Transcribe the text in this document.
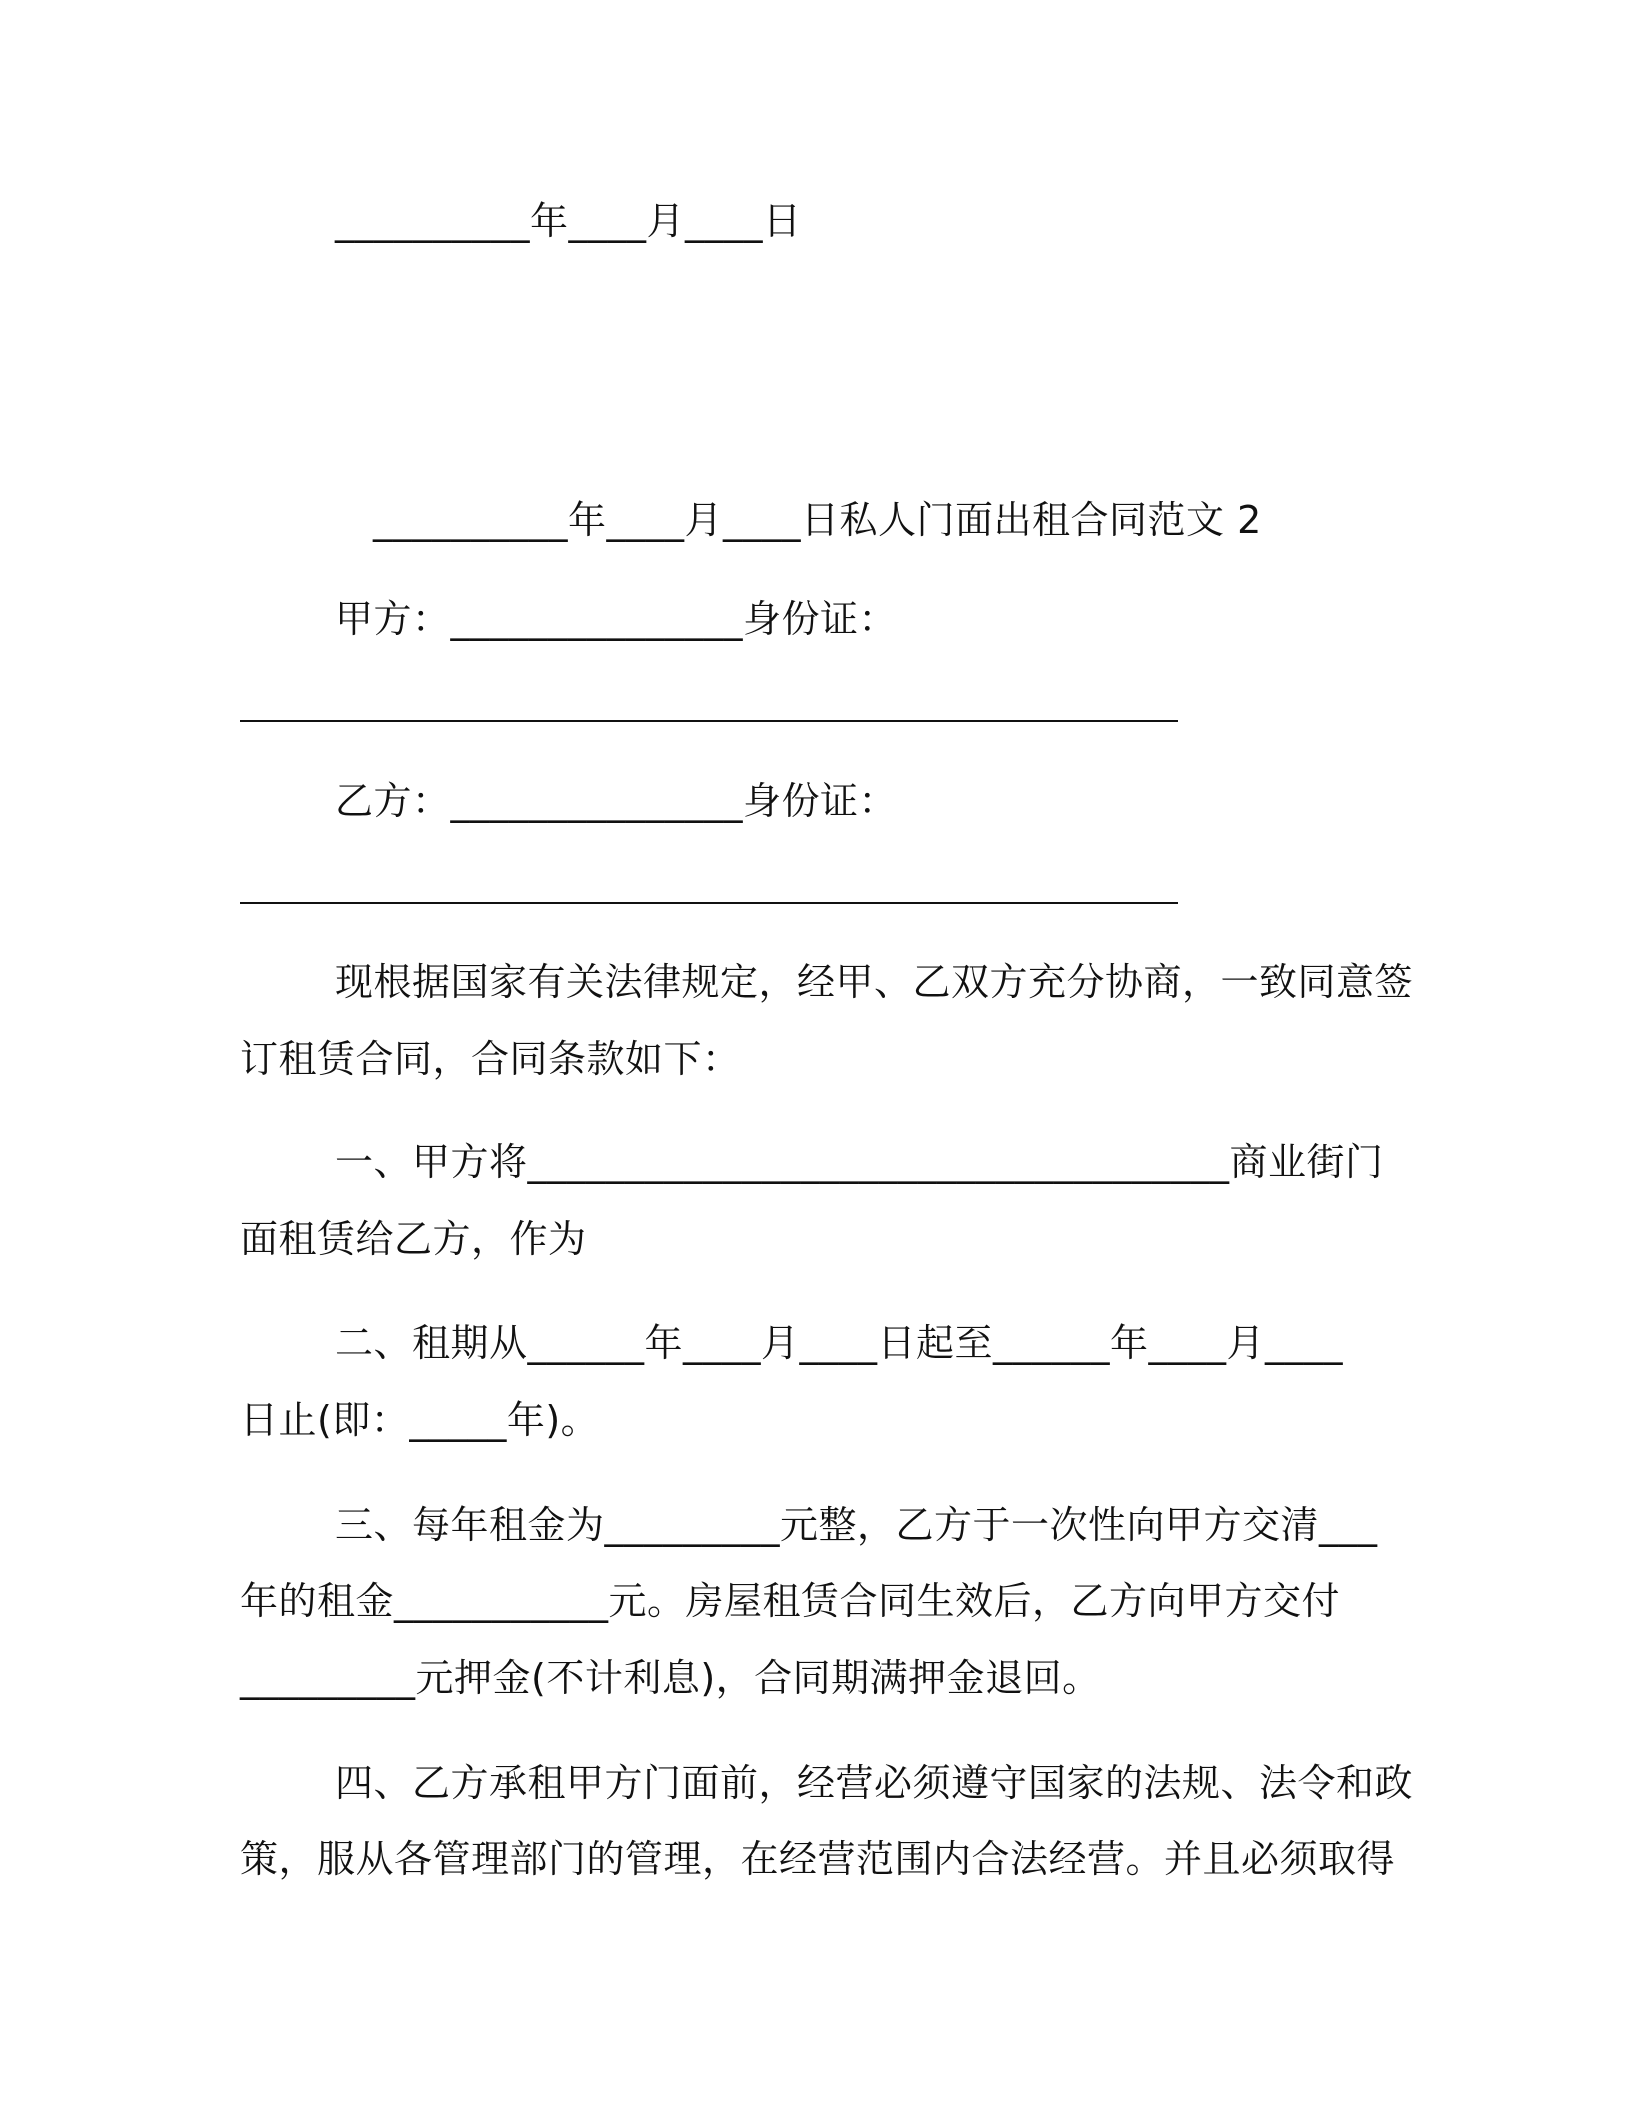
__________年____月____日
__________年____月____日私人门面出租合同范文 2
甲方：_______________身份证：
乙方：_______________身份证：
现根据国家有关法律规定，经甲、乙双方充分协商，一致同意签
订租赁合同，合同条款如下：
一、甲方将____________________________________商业街门
面租赁给乙方，作为
二、租期从______年____月____日起至______年____月____
日止(即：_____年)。
三、每年租金为_________元整，乙方于一次性向甲方交清___
年的租金___________元。房屋租赁合同生效后，乙方向甲方交付
_________元押金(不计利息)，合同期满押金退回。
四、乙方承租甲方门面前，经营必须遵守国家的法规、法令和政
策，服从各管理部门的管理，在经营范围内合法经营。并且必须取得
